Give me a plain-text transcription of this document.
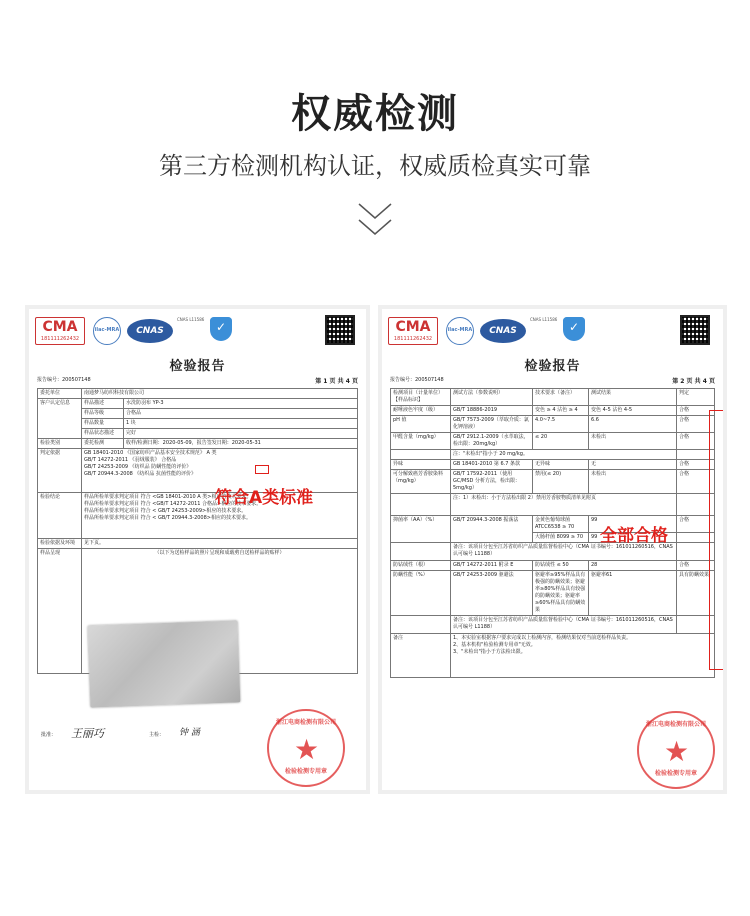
权威检测
第三方检测机构认证，权威质检真实可靠
CMA
181111262432
ilac-MRA	CNAS
CNAS L11586
✓
检验报告
报告编号：200507148	第 1 页 共 4 页
委托单位	南通梦马纺织科技有限公司	
客户认定信息	样品描述	水洗防羽布 YP-3
	样品等级	合格品
	样品数量	1 块
	样品状态描述	完好
检验类别	委托检测	收样/检测日期：2020-05-09，报告签发日期：2020-05-31
判定依据	GB 18401-2010 《国家纺织产品基本安全技术规范》 A 类
GB/T 14272-2011 《羽绒服装》 合格品
GB/T 24253-2009 《纺织品 防螨性能的评价》
GB/T 20944.3-2008 《纺织品 抗菌性能的评价》	

检验结论	样品所检单要求判定项目 符合 <GB 18401-2010 A 类>相应的技术要求。
样品所检单要求判定项目 符合 <GB/T 14272-2011 合格品>相应的技术要求。
样品所检单要求判定项目 符合 < GB/T 24253-2009>相应的技术要求。
样品所检单要求判定项目 符合 < GB/T 20944.3-2008>相应的技术要求。	

检验依据及环境	见下页。	
样品呈现	（以下为送检样品的照片呈现和成载剪自送检样品的贴样）	
符合A类标准
批准： 王丽巧	主检： 钟 涵
浙江电商检测有限公司
★
检验检测专用章
CMA
181111262432
ilac-MRA	CNAS
CNAS L11586
✓
检验报告
报告编号：200507148	第 2 页 共 4 页
检测项目（计量单位）【样品标识】	测试方法（参数说明）	技术要求（备注）	测试结果	判定
耐唾液色牢度（级）	GB/T 18886-2019	变色 ≥ 4 沾色 ≥ 4	变色 4-5 沾色 4-5	合格
pH 值	GB/T 7573-2009（萃取介质：氯化钾溶液）	4.0~7.5	6.6	合格
甲醛含量（mg/kg）	GB/T 2912.1-2009（水萃取法，检出限：20mg/kg）	≤ 20	未检出	合格
	注："未检出"指小于 20 mg/kg。			
异味	GB 18401-2010 第 6.7 条款	无异味	无	合格
可分解致癌芳香胺染料（mg/kg）	GB/T 17592-2011（使用 GC/MSD 分析方法，检出限：5mg/kg）	禁用(≤ 20)	未检出	合格
	注：1）未检出：小于方法检出限 2）禁用芳香胺物质清单见附页			
抑菌率（AA）（%）	GB/T 20944.3-2008 振荡法	金黄色葡萄球菌 ATCC6538 ≥ 70	99	合格
		大肠杆菌 8099 ≥ 70	99	
	备注：该项目分包至江苏省纺织产品质量监督检验中心（CMA 证书编号：161011260516，CNAS 认可编号 L1188）			
防钻绒性（根）	GB/T 14272-2011 附录 E	防钻绒性 ≤ 50	28	合格
防螨性能（%）	GB/T 24253-2009 驱避法	驱避率≥95%样品具有极强的防螨效果；驱避率≥80%样品具有较强的防螨效果；驱避率≥60%样品具有防螨效果	驱避率61	具有防螨效果
	备注：该项目分包至江苏省纺织产品质量监督检验中心（CMA 证书编号：161011260516，CNAS 认可编号 L1188）			
备注	1、本实验室根据客户要求完成以上检测内容，检测结果仅对当前送检样品负责。
2、基本机构"检验检测专用章"无效。
3、"未检出"指小于方法检出限。			
全部合格
浙江电商检测有限公司
★
检验检测专用章
